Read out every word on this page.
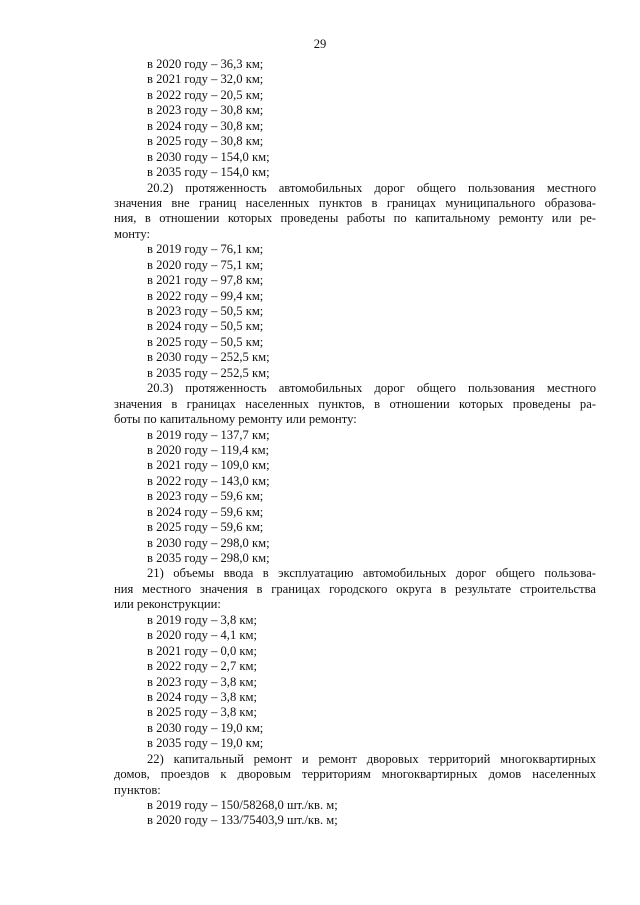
29
в 2020 году – 36,3 км;
в 2021 году – 32,0 км;
в 2022 году – 20,5 км;
в 2023 году – 30,8 км;
в 2024 году – 30,8 км;
в 2025 году – 30,8 км;
в 2030 году – 154,0 км;
в 2035 году – 154,0 км;
20.2) протяженность автомобильных дорог общего пользования местного
значения вне границ населенных пунктов в границах муниципального образова-
ния, в отношении которых проведены работы по капитальному ремонту или ре-
монту:
в 2019 году – 76,1 км;
в 2020 году – 75,1 км;
в 2021 году – 97,8 км;
в 2022 году – 99,4 км;
в 2023 году – 50,5 км;
в 2024 году – 50,5 км;
в 2025 году – 50,5 км;
в 2030 году – 252,5 км;
в 2035 году – 252,5 км;
20.3) протяженность автомобильных дорог общего пользования местного
значения в границах населенных пунктов, в отношении которых проведены ра-
боты по капитальному ремонту или ремонту:
в 2019 году – 137,7 км;
в 2020 году – 119,4 км;
в 2021 году – 109,0 км;
в 2022 году – 143,0 км;
в 2023 году – 59,6 км;
в 2024 году – 59,6 км;
в 2025 году – 59,6 км;
в 2030 году – 298,0 км;
в 2035 году – 298,0 км;
21) объемы ввода в эксплуатацию автомобильных дорог общего пользова-
ния местного значения в границах городского округа в результате строительства
или реконструкции:
в 2019 году – 3,8 км;
в 2020 году – 4,1 км;
в 2021 году – 0,0 км;
в 2022 году – 2,7 км;
в 2023 году – 3,8 км;
в 2024 году – 3,8 км;
в 2025 году – 3,8 км;
в 2030 году – 19,0 км;
в 2035 году – 19,0 км;
22) капитальный ремонт и ремонт дворовых территорий многоквартирных
домов, проездов к дворовым территориям многоквартирных домов населенных
пунктов:
в 2019 году – 150/58268,0 шт./кв. м;
в 2020 году – 133/75403,9 шт./кв. м;
